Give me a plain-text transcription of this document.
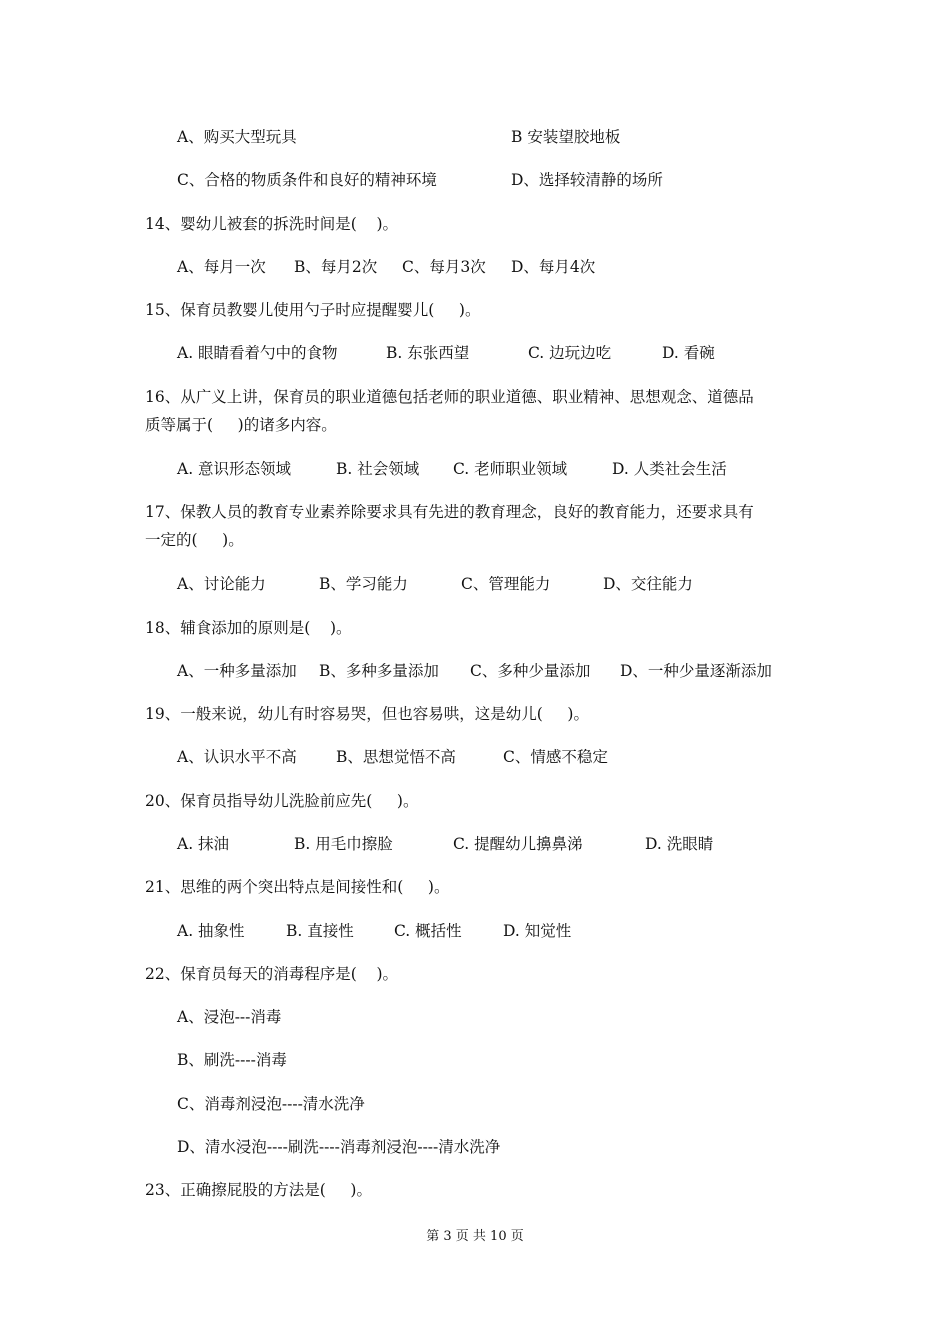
A、购买大型玩具	B 安装望胶地板
C、合格的物质条件和良好的精神环境	D、选择较清静的场所
14、婴幼儿被套的拆洗时间是(    )。
A、每月一次 B、每月2次 C、每月3次 D、每月4次
15、保育员教婴儿使用勺子时应提醒婴儿(     )。
A. 眼睛看着勺中的食物	B. 东张西望	C. 边玩边吃	D. 看碗
16、从广义上讲，保育员的职业道德包括老师的职业道德、职业精神、思想观念、道德品
质等属于(     )的诸多内容。
A. 意识形态领域	B. 社会领域 C. 老师职业领域	D. 人类社会生活
17、保教人员的教育专业素养除要求具有先进的教育理念，良好的教育能力，还要求具有
一定的(     )。
A、讨论能力	B、学习能力	C、管理能力	D、交往能力
18、辅食添加的原则是(    )。
A、一种多量添加 B、多种多量添加 C、多种少量添加 D、一种少量逐渐添加
19、一般来说，幼儿有时容易哭，但也容易哄，这是幼儿(     )。
A、认识水平不高	B、思想觉悟不高	C、情感不稳定
20、保育员指导幼儿洗脸前应先(     )。
A. 抹油	B. 用毛巾擦脸	C. 提醒幼儿擤鼻涕	D. 洗眼睛
21、思维的两个突出特点是间接性和(     )。
A. 抽象性	B. 直接性	C. 概括性	D. 知觉性
22、保育员每天的消毒程序是(    )。
A、浸泡---消毒
B、刷洗----消毒
C、消毒剂浸泡----清水洗净
D、清水浸泡----刷洗----消毒剂浸泡----清水洗净
23、正确擦屁股的方法是(     )。
第 3 页 共 10 页
